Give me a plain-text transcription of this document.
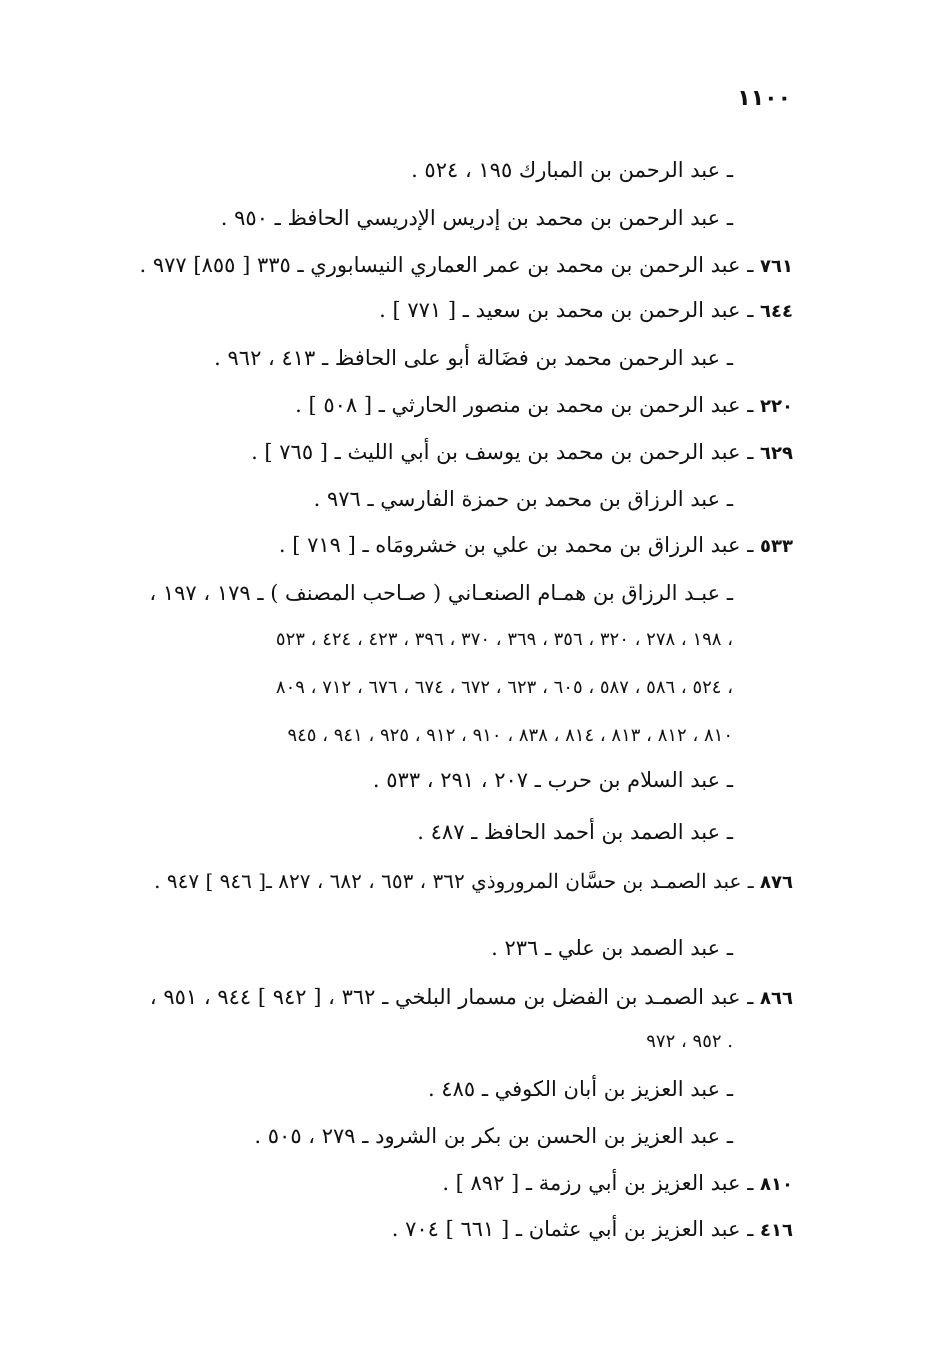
١١٠٠
ـ عبد الرحمن بن المبارك ١٩٥ ، ٥٢٤ .
ـ عبد الرحمن بن محمد بن إدريس الإدريسي الحافظ ـ ٩٥٠ .
٧٦١ ـ عبد الرحمن بن محمد بن عمر العماري النيسابوري ـ ٣٣٥ [ ٨٥٥] ٩٧٧ .
٦٤٤ ـ عبد الرحمن بن محمد بن سعيد ـ [ ٧٧١ ] .
ـ عبد الرحمن محمد بن فضَالة أبو على الحافظ ـ ٤١٣ ، ٩٦٢ .
٢٢٠ ـ عبد الرحمن بن محمد بن منصور الحارثي ـ [ ٥٠٨ ] .
٦٢٩ ـ عبد الرحمن بن محمد بن يوسف بن أبي الليث ـ [ ٧٦٥ ] .
ـ عبد الرزاق بن محمد بن حمزة الفارسي ـ ٩٧٦ .
٥٣٣ ـ عبد الرزاق بن محمد بن علي بن خشرومَاه ـ [ ٧١٩ ] .
ـ عبـد الرزاق بن همـام الصنعـاني ( صـاحب المصنف ) ـ ١٧٩ ، ١٩٧ ،
١٩٨ ، ٢٧٨ ، ٣٢٠ ، ٣٥٦ ، ٣٦٩ ، ٣٧٠ ، ٣٩٦ ، ٤٢٣ ، ٤٢٤ ، ٥٢٣ ،
٥٢٤ ، ٥٨٦ ، ٥٨٧ ، ٦٠٥ ، ٦٢٣ ، ٦٧٢ ، ٦٧٤ ، ٦٧٦ ، ٧١٢ ، ٨٠٩ ،
٨١٠ ، ٨١٢ ، ٨١٣ ، ٨١٤ ، ٨٣٨ ، ٩١٠ ، ٩١٢ ، ٩٢٥ ، ٩٤١ ، ٩٤٥
ـ عبد السلام بن حرب ـ ٢٠٧ ، ٢٩١ ، ٥٣٣ .
ـ عبد الصمد بن أحمد الحافظ ـ ٤٨٧ .
٨٧٦ ـ عبد الصمـد بن حسَّان المروروذي ٣٦٢ ، ٦٥٣ ، ٦٨٢ ، ٨٢٧ ـ[ ٩٤٦ ] ٩٤٧ .
ـ عبد الصمد بن علي ـ ٢٣٦ .
٨٦٦ ـ عبد الصمـد بن الفضل بن مسمار البلخي ـ ٣٦٢ ، [ ٩٤٢ ] ٩٤٤ ، ٩٥١ ،
٩٥٢ ، ٩٧٢ .
ـ عبد العزيز بن أبان الكوفي ـ ٤٨٥ .
ـ عبد العزيز بن الحسن بن بكر بن الشرود ـ ٢٧٩ ، ٥٠٥ .
٨١٠ ـ عبد العزيز بن أبي رزمة ـ [ ٨٩٢ ] .
٤١٦ ـ عبد العزيز بن أبي عثمان ـ [ ٦٦١ ] ٧٠٤ .
